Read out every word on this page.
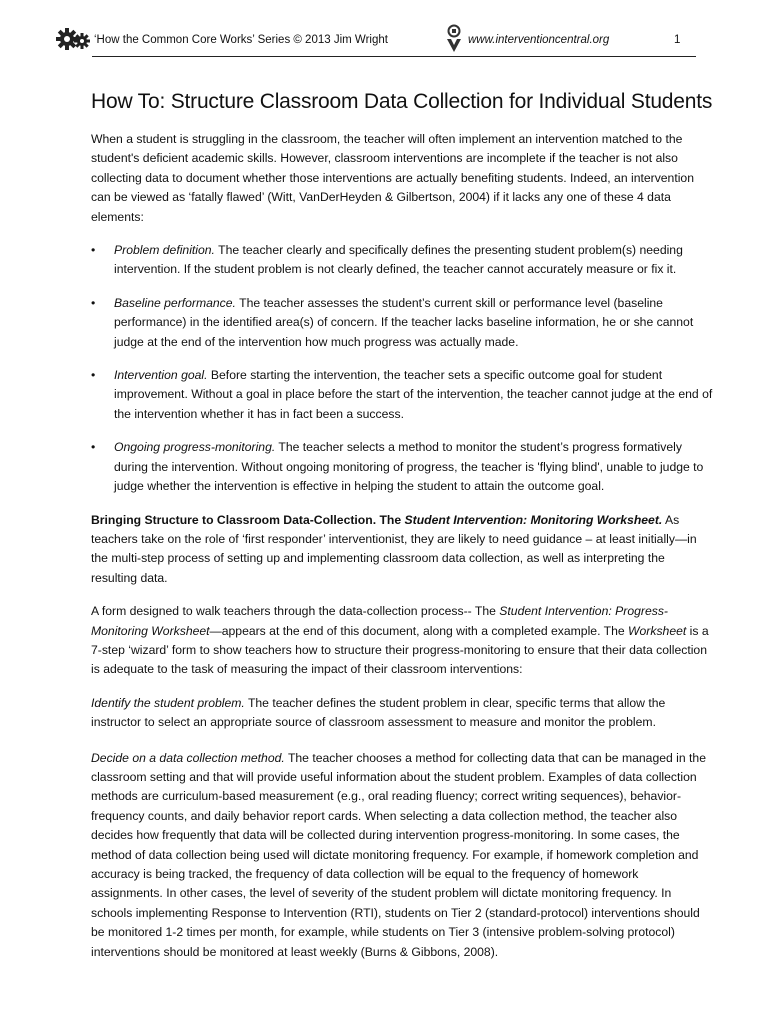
‘How the Common Core Works’ Series © 2013 Jim Wright	www.interventioncentral.org	1
How To: Structure Classroom Data Collection for Individual Students

When a student is struggling in the classroom, the teacher will often implement an intervention matched to the student's deficient academic skills. However, classroom interventions are incomplete if the teacher is not also collecting data to document whether those interventions are actually benefiting students. Indeed, an intervention can be viewed as ‘fatally flawed’ (Witt, VanDerHeyden & Gilbertson, 2004) if it lacks any one of these 4 data elements:

• Problem definition. The teacher clearly and specifically defines the presenting student problem(s) needing intervention. If the student problem is not clearly defined, the teacher cannot accurately measure or fix it.
• Baseline performance. The teacher assesses the student’s current skill or performance level (baseline performance) in the identified area(s) of concern. If the teacher lacks baseline information, he or she cannot judge at the end of the intervention how much progress was actually made.
• Intervention goal. Before starting the intervention, the teacher sets a specific outcome goal for student improvement. Without a goal in place before the start of the intervention, the teacher cannot judge at the end of the intervention whether it has in fact been a success.
• Ongoing progress-monitoring. The teacher selects a method to monitor the student’s progress formatively during the intervention. Without ongoing monitoring of progress, the teacher is 'flying blind', unable to judge to judge whether the intervention is effective in helping the student to attain the outcome goal.

Bringing Structure to Classroom Data-Collection. The Student Intervention: Monitoring Worksheet. As teachers take on the role of ‘first responder’ interventionist, they are likely to need guidance – at least initially—in the multi-step process of setting up and implementing classroom data collection, as well as interpreting the resulting data.

A form designed to walk teachers through the data-collection process-- The Student Intervention: Progress-Monitoring Worksheet—appears at the end of this document, along with a completed example. The Worksheet is a 7-step ‘wizard’ form to show teachers how to structure their progress-monitoring to ensure that their data collection is adequate to the task of measuring the impact of their classroom interventions:

Identify the student problem. The teacher defines the student problem in clear, specific terms that allow the instructor to select an appropriate source of classroom assessment to measure and monitor the problem.

Decide on a data collection method. The teacher chooses a method for collecting data that can be managed in the classroom setting and that will provide useful information about the student problem. Examples of data collection methods are curriculum-based measurement (e.g., oral reading fluency; correct writing sequences), behavior-frequency counts, and daily behavior report cards. When selecting a data collection method, the teacher also decides how frequently that data will be collected during intervention progress-monitoring. In some cases, the method of data collection being used will dictate monitoring frequency. For example, if homework completion and accuracy is being tracked, the frequency of data collection will be equal to the frequency of homework assignments. In other cases, the level of severity of the student problem will dictate monitoring frequency. In schools implementing Response to Intervention (RTI), students on Tier 2 (standard-protocol) interventions should be monitored 1-2 times per month, for example, while students on Tier 3 (intensive problem-solving protocol) interventions should be monitored at least weekly (Burns & Gibbons, 2008).
